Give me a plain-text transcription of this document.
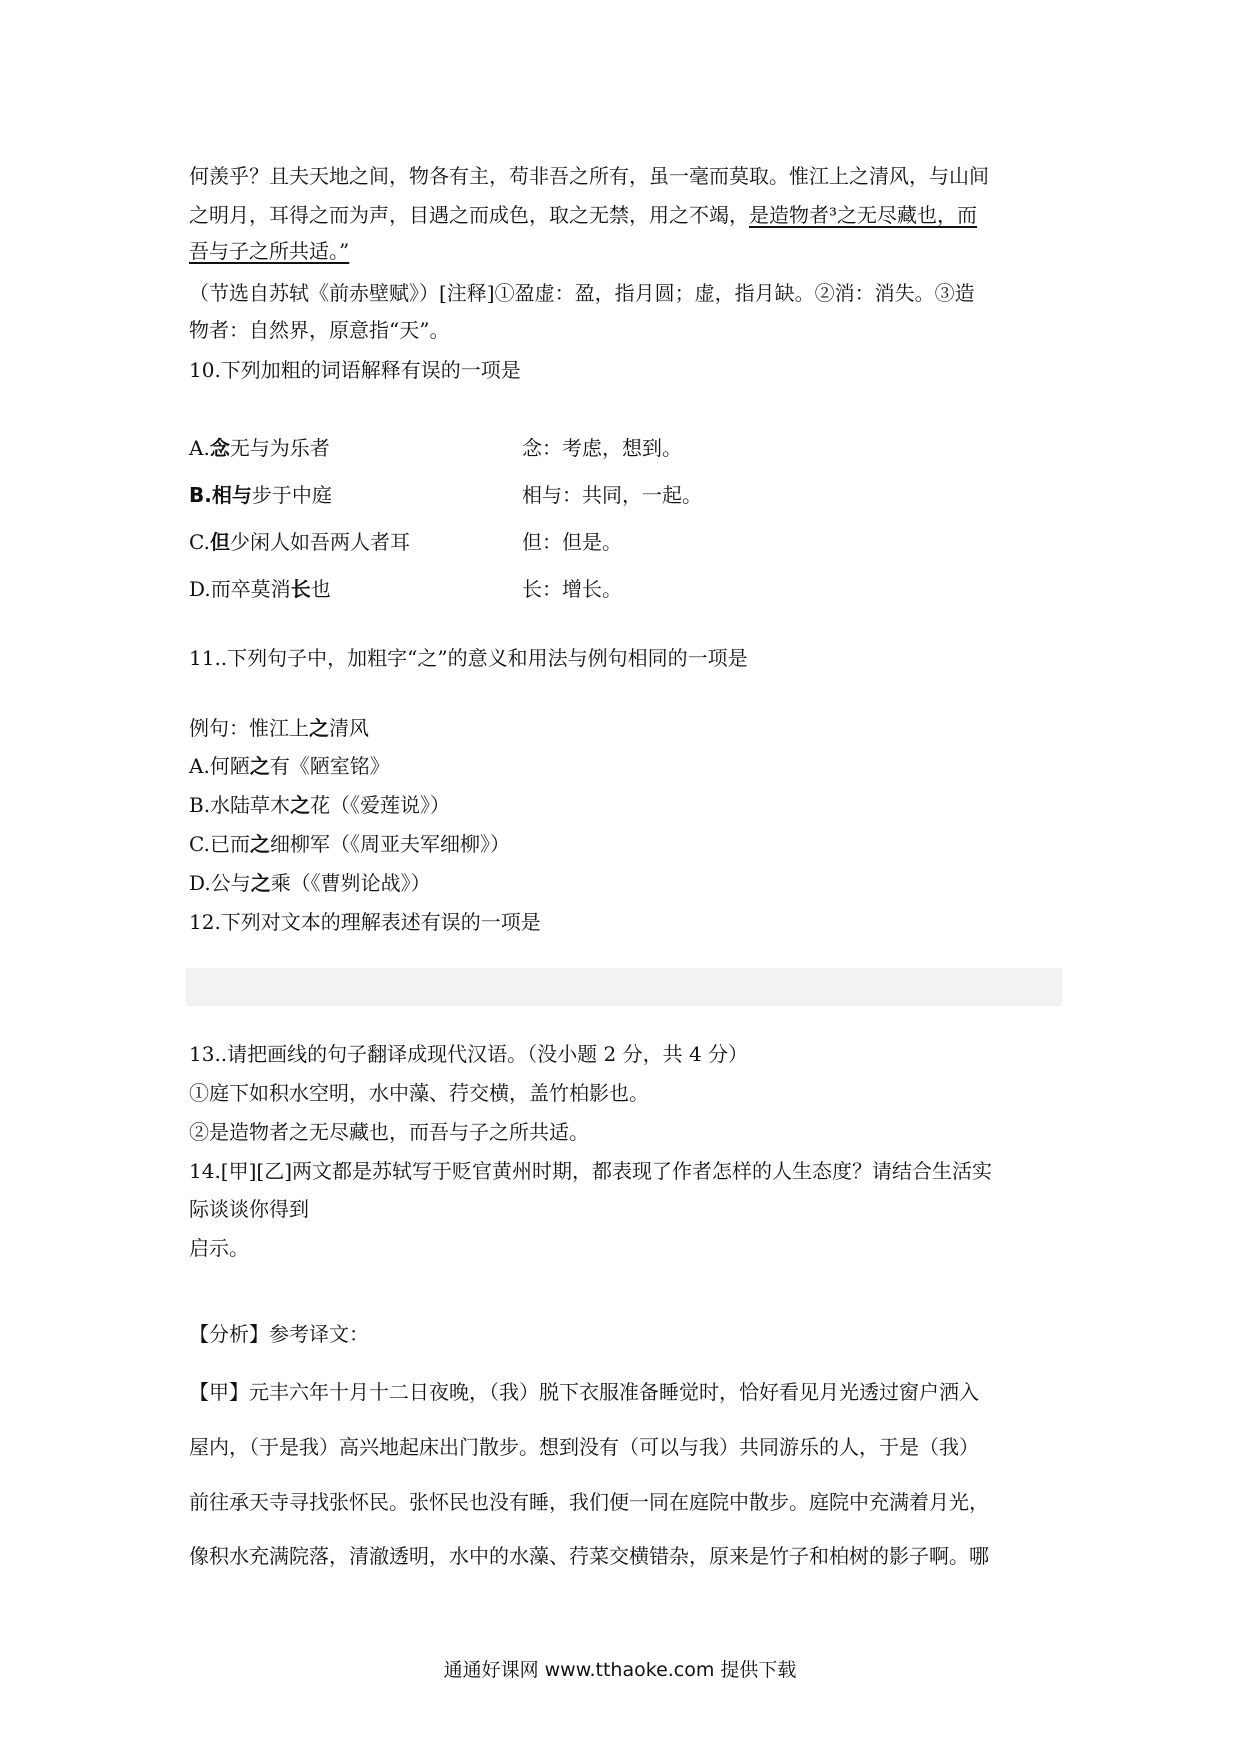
何羡乎？且夫天地之间，物各有主，苟非吾之所有，虽一毫而莫取。惟江上之清风，与山间
之明月，耳得之而为声，目遇之而成色，取之无禁，用之不竭，是造物者³之无尽藏也，而
吾与子之所共适。”
（节选自苏轼《前赤壁赋》）[注释]①盈虚：盈，指月圆；虚，指月缺。②消：消失。③造
物者：自然界，原意指“天”。
10.下列加粗的词语解释有误的一项是
A.念无与为乐者	念：考虑，想到。
B.相与步于中庭	相与：共同，一起。
C.但少闲人如吾两人者耳	但：但是。
D.而卒莫消长也	长：增长。
11..下列句子中，加粗字“之”的意义和用法与例句相同的一项是
例句：惟江上之清风
A.何陋之有《陋室铭》
B.水陆草木之花（《爱莲说》）
C.已而之细柳军（《周亚夫军细柳》）
D.公与之乘（《曹刿论战》）
12.下列对文本的理解表述有误的一项是
13..请把画线的句子翻译成现代汉语。（没小题 2 分，共 4 分）
①庭下如积水空明，水中藻、荇交横，盖竹柏影也。
②是造物者之无尽藏也，而吾与子之所共适。
14.[甲][乙]两文都是苏轼写于贬官黄州时期，都表现了作者怎样的人生态度？请结合生活实
际谈谈你得到
启示。
【分析】参考译文：
【甲】元丰六年十月十二日夜晚，（我）脱下衣服准备睡觉时，恰好看见月光透过窗户洒入
屋内，（于是我）高兴地起床出门散步。想到没有（可以与我）共同游乐的人，于是（我）
前往承天寺寻找张怀民。张怀民也没有睡，我们便一同在庭院中散步。庭院中充满着月光，
像积水充满院落，清澈透明，水中的水藻、荇菜交横错杂，原来是竹子和柏树的影子啊。哪
通通好课网 www.tthaoke.com 提供下载
